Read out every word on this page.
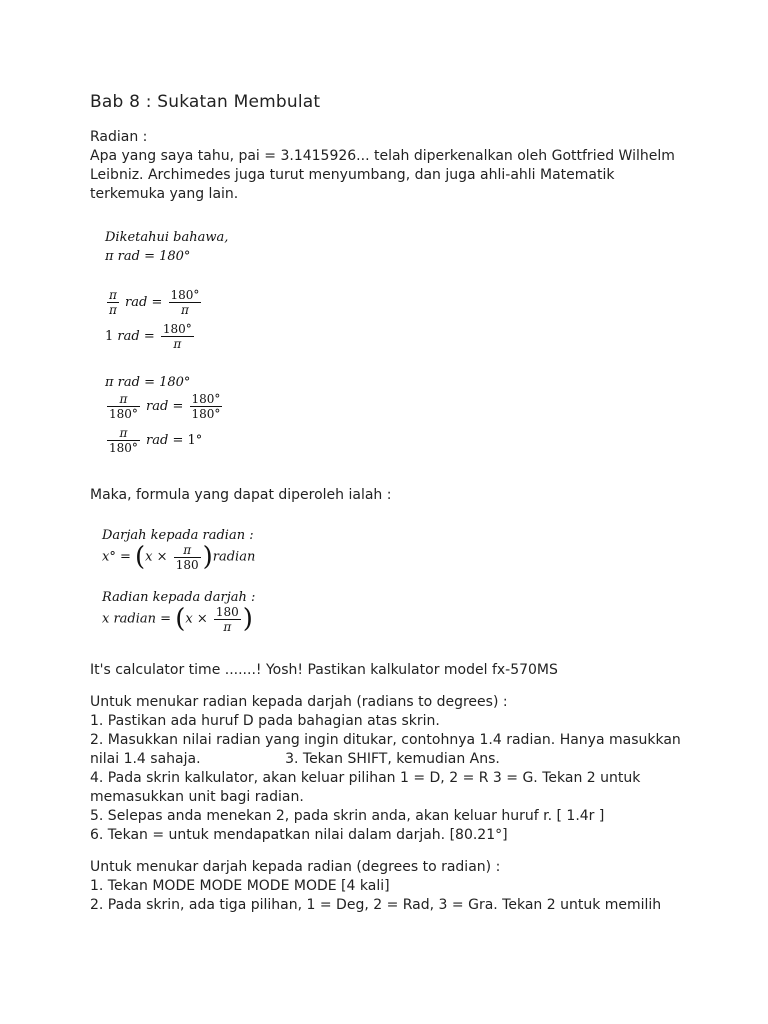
Bab 8 : Sukatan Membulat
Radian :
Apa yang saya tahu, pai = 3.1415926... telah diperkenalkan oleh Gottfried Wilhelm
Leibniz. Archimedes juga turut menyumbang, dan juga ahli-ahli Matematik
terkemuka yang lain.
Diketahui bahawa,
π rad = 180°
$\frac{\pi}{\pi}$ rad = $\frac{180^\circ}{\pi}$
1 rad = $\frac{180^\circ}{\pi}$
π rad = 180°
$\frac{\pi}{180^\circ}$ rad = $\frac{180^\circ}{180^\circ}$
$\frac{\pi}{180^\circ}$ rad = 1°
Maka, formula yang dapat diperoleh ialah :
Darjah kepada radian :
$x^\circ = (x \times \frac{\pi}{180}$ )radian
Radian kepada darjah :
x radian = ($x \times \frac{180}{\pi}$ )
It's calculator time .......! Yosh! Pastikan kalkulator model fx-570MS
Untuk menukar radian kepada darjah (radians to degrees) :
1. Pastikan ada huruf D pada bahagian atas skrin.
2. Masukkan nilai radian yang ingin ditukar, contohnya 1.4 radian. Hanya masukkan
nilai 1.4 sahaja.                   3. Tekan SHIFT, kemudian Ans.
4. Pada skrin kalkulator, akan keluar pilihan 1 = D, 2 = R 3 = G. Tekan 2 untuk
memasukkan unit bagi radian.
5. Selepas anda menekan 2, pada skrin anda, akan keluar huruf r. [ 1.4r ]
6. Tekan = untuk mendapatkan nilai dalam darjah. [80.21°]
Untuk menukar darjah kepada radian (degrees to radian) :
1. Tekan MODE MODE MODE MODE [4 kali]
2. Pada skrin, ada tiga pilihan, 1 = Deg, 2 = Rad, 3 = Gra. Tekan 2 untuk memilih
